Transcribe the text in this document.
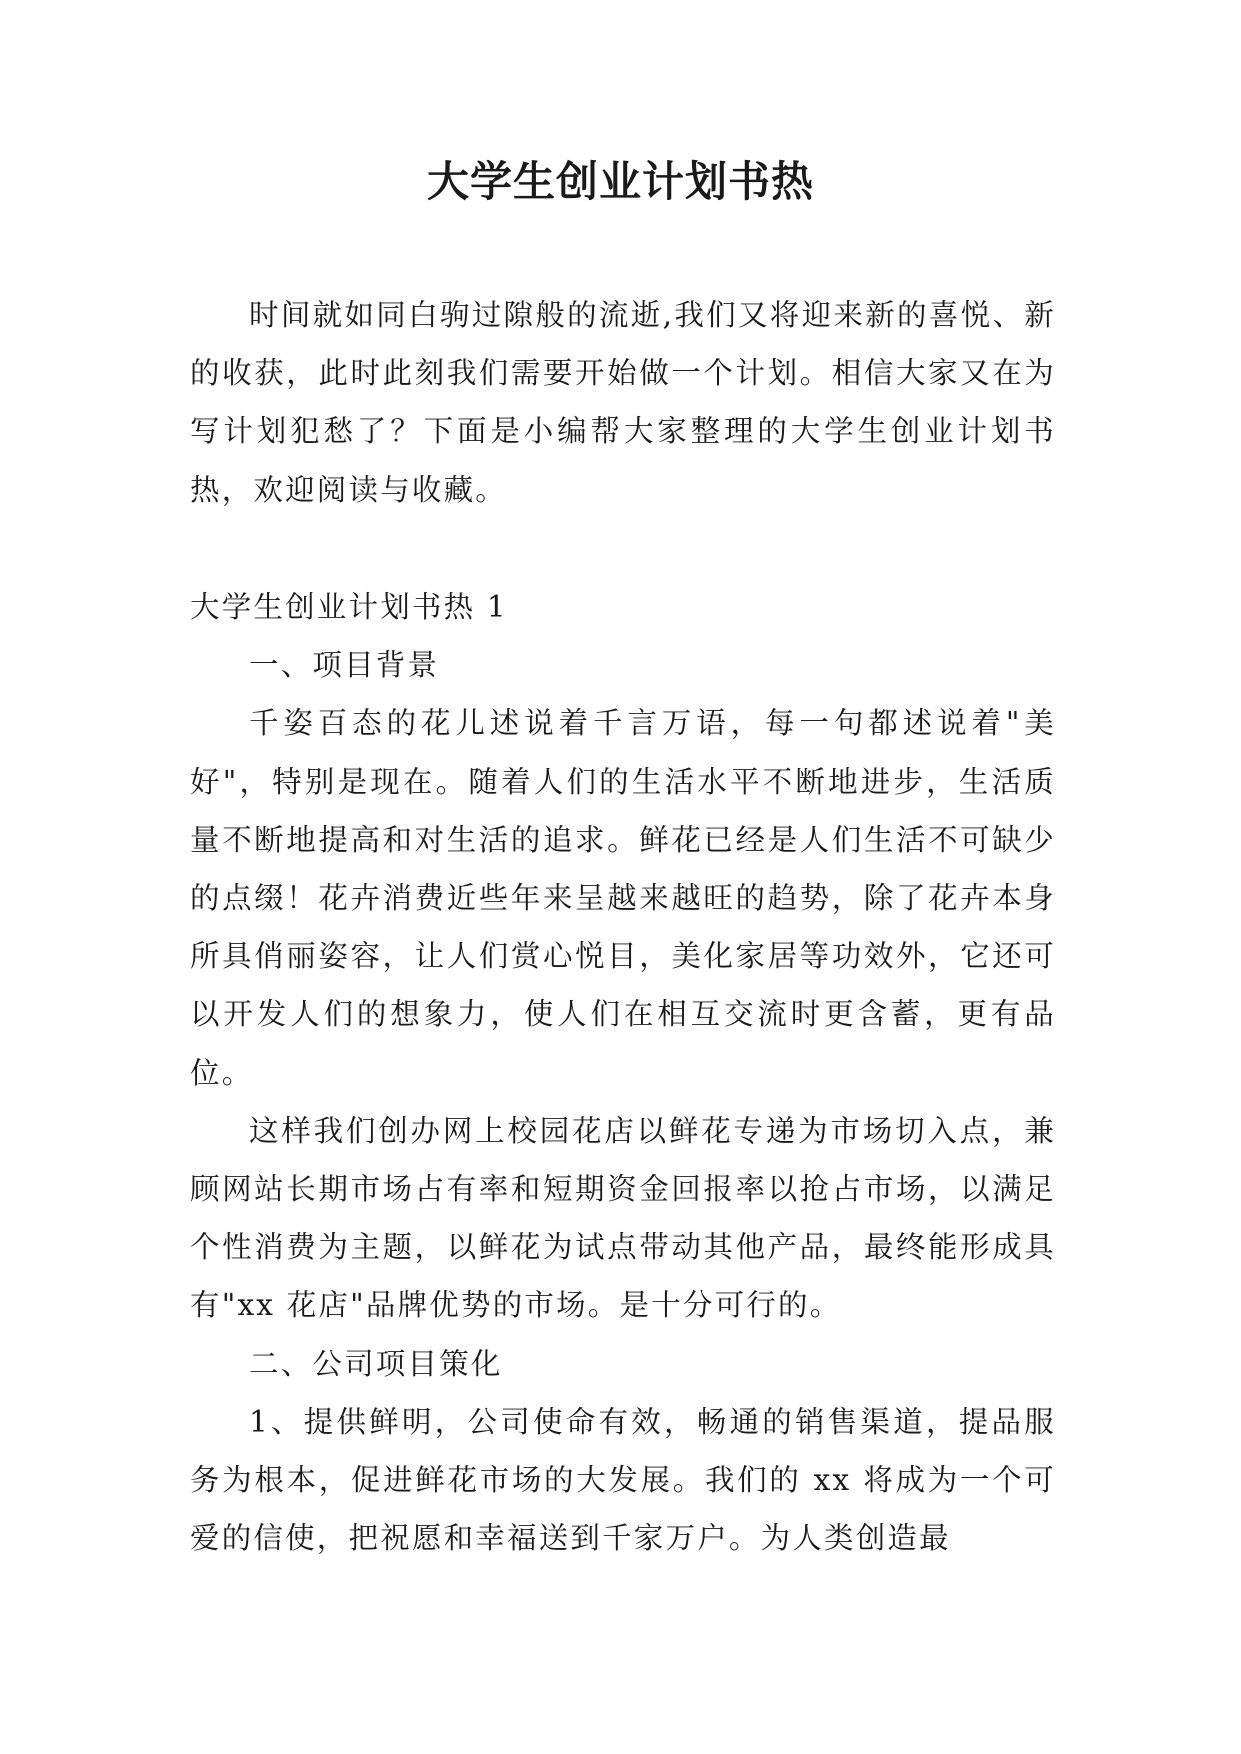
大学生创业计划书热

时间就如同白驹过隙般的流逝,我们又将迎来新的喜悦、新的收获，此时此刻我们需要开始做一个计划。相信大家又在为写计划犯愁了？下面是小编帮大家整理的大学生创业计划书热，欢迎阅读与收藏。

大学生创业计划书热 1

一、项目背景

千姿百态的花儿述说着千言万语，每一句都述说着"美好"，特别是现在。随着人们的生活水平不断地进步，生活质量不断地提高和对生活的追求。鲜花已经是人们生活不可缺少的点缀！花卉消费近些年来呈越来越旺的趋势，除了花卉本身所具俏丽姿容，让人们赏心悦目，美化家居等功效外，它还可以开发人们的想象力，使人们在相互交流时更含蓄，更有品位。

这样我们创办网上校园花店以鲜花专递为市场切入点，兼顾网站长期市场占有率和短期资金回报率以抢占市场，以满足个性消费为主题，以鲜花为试点带动其他产品，最终能形成具有"xx 花店"品牌优势的市场。是十分可行的。

二、公司项目策化

1、提供鲜明，公司使命有效，畅通的销售渠道，提品服务为根本，促进鲜花市场的大发展。我们的 xx 将成为一个可爱的信使，把祝愿和幸福送到千家万户。为人类创造最
